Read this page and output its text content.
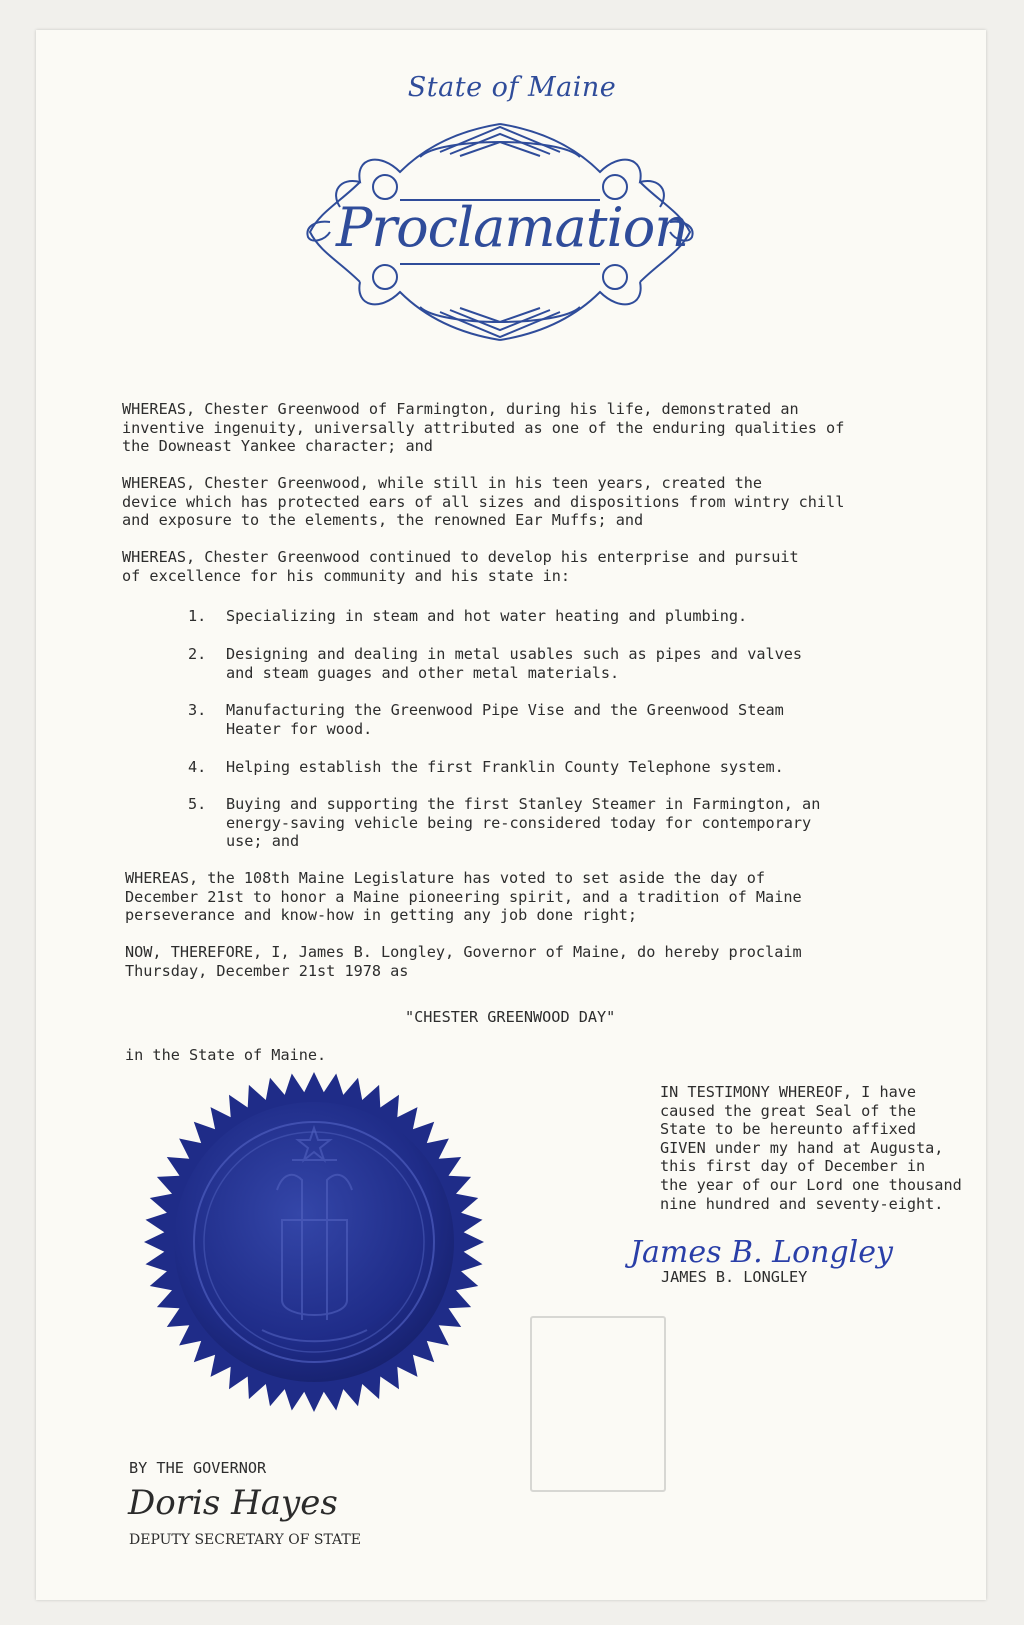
State of Maine
Proclamation
WHEREAS, Chester Greenwood of Farmington, during his life, demonstrated an
inventive ingenuity, universally attributed as one of the enduring qualities of
the Downeast Yankee character; and
WHEREAS, Chester Greenwood, while still in his teen years, created the
device which has protected ears of all sizes and dispositions from wintry chill
and exposure to the elements, the renowned Ear Muffs; and
WHEREAS, Chester Greenwood continued to develop his enterprise and pursuit
of excellence for his community and his state in:
1. Specializing in steam and hot water heating and plumbing.
2. Designing and dealing in metal usables such as pipes and valves
and steam guages and other metal materials.
3. Manufacturing the Greenwood Pipe Vise and the Greenwood Steam
Heater for wood.
4. Helping establish the first Franklin County Telephone system.
5. Buying and supporting the first Stanley Steamer in Farmington, an
energy-saving vehicle being re-considered today for contemporary
use; and
WHEREAS, the 108th Maine Legislature has voted to set aside the day of
December 21st to honor a Maine pioneering spirit, and a tradition of Maine
perseverance and know-how in getting any job done right;
NOW, THEREFORE, I, James B. Longley, Governor of Maine, do hereby proclaim
Thursday, December 21st 1978 as
"CHESTER GREENWOOD DAY"
in the State of Maine.
IN TESTIMONY WHEREOF, I have
caused the great Seal of the
State to be hereunto affixed
GIVEN under my hand at Augusta,
this first day of December in
the year of our Lord one thousand
nine hundred and seventy-eight.
James B. Longley
JAMES B. LONGLEY
BY THE GOVERNOR
Doris Hayes
DEPUTY SECRETARY OF STATE
